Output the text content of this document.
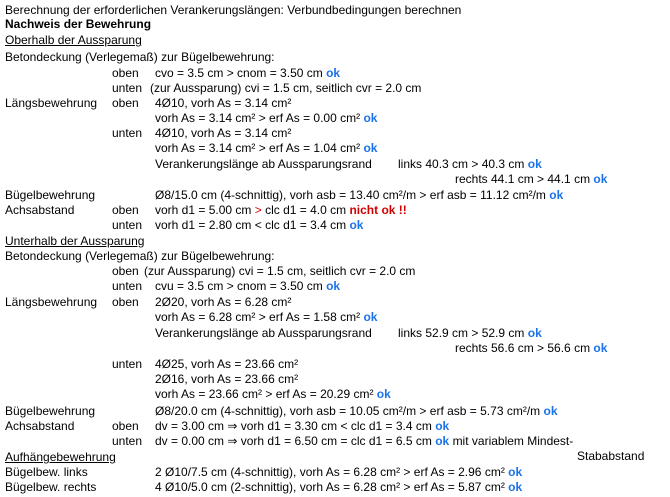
Berechnung der erforderlichen Verankerungslängen: Verbundbedingungen berechnen
Nachweis der Bewehrung
Oberhalb der Aussparung
Betondeckung (Verlegemaß) zur Bügelbewehrung:
oben cvo = 3.5 cm > cnom = 3.50 cm ok
unten (zur Aussparung) cvi = 1.5 cm, seitlich cvr = 2.0 cm
Längsbewehrung oben 4Ø10, vorh As = 3.14 cm²
vorh As = 3.14 cm² > erf As = 0.00 cm² ok
unten 4Ø10, vorh As = 3.14 cm²
vorh As = 3.14 cm² > erf As = 1.04 cm² ok
Verankerungslänge ab Aussparungsrand links 40.3 cm > 40.3 cm ok
rechts 44.1 cm > 44.1 cm ok
Bügelbewehrung	Ø8/15.0 cm (4-schnittig), vorh asb = 13.40 cm²/m > erf asb = 11.12 cm²/m ok
Achsabstand	oben vorh d1 = 5.00 cm > clc d1 = 4.0 cm nicht ok !!
unten vorh d1 = 2.80 cm < clc d1 = 3.4 cm ok
Unterhalb der Aussparung
Betondeckung (Verlegemaß) zur Bügelbewehrung:
oben (zur Aussparung) cvi = 1.5 cm, seitlich cvr = 2.0 cm
unten cvu = 3.5 cm > cnom = 3.50 cm ok
Längsbewehrung oben 2Ø20, vorh As = 6.28 cm²
vorh As = 6.28 cm² > erf As = 1.58 cm² ok
Verankerungslänge ab Aussparungsrand links 52.9 cm > 52.9 cm ok
rechts 56.6 cm > 56.6 cm ok
unten 4Ø25, vorh As = 23.66 cm²
2Ø16, vorh As = 23.66 cm²
vorh As = 23.66 cm² > erf As = 20.29 cm² ok
Bügelbewehrung	Ø8/20.0 cm (4-schnittig), vorh asb = 10.05 cm²/m > erf asb = 5.73 cm²/m ok
Achsabstand	oben dv = 3.00 cm ⇒ vorh d1 = 3.30 cm < clc d1 = 3.4 cm ok
unten dv = 0.00 cm ⇒ vorh d1 = 6.50 cm = clc d1 = 6.5 cm ok mit variablem Mindest-
Stababstand
Aufhängebewehrung
Bügelbew. links	2 Ø10/7.5 cm (4-schnittig), vorh As = 6.28 cm² > erf As = 2.96 cm² ok
Bügelbew. rechts	4 Ø10/5.0 cm (2-schnittig), vorh As = 6.28 cm² > erf As = 5.87 cm² ok
